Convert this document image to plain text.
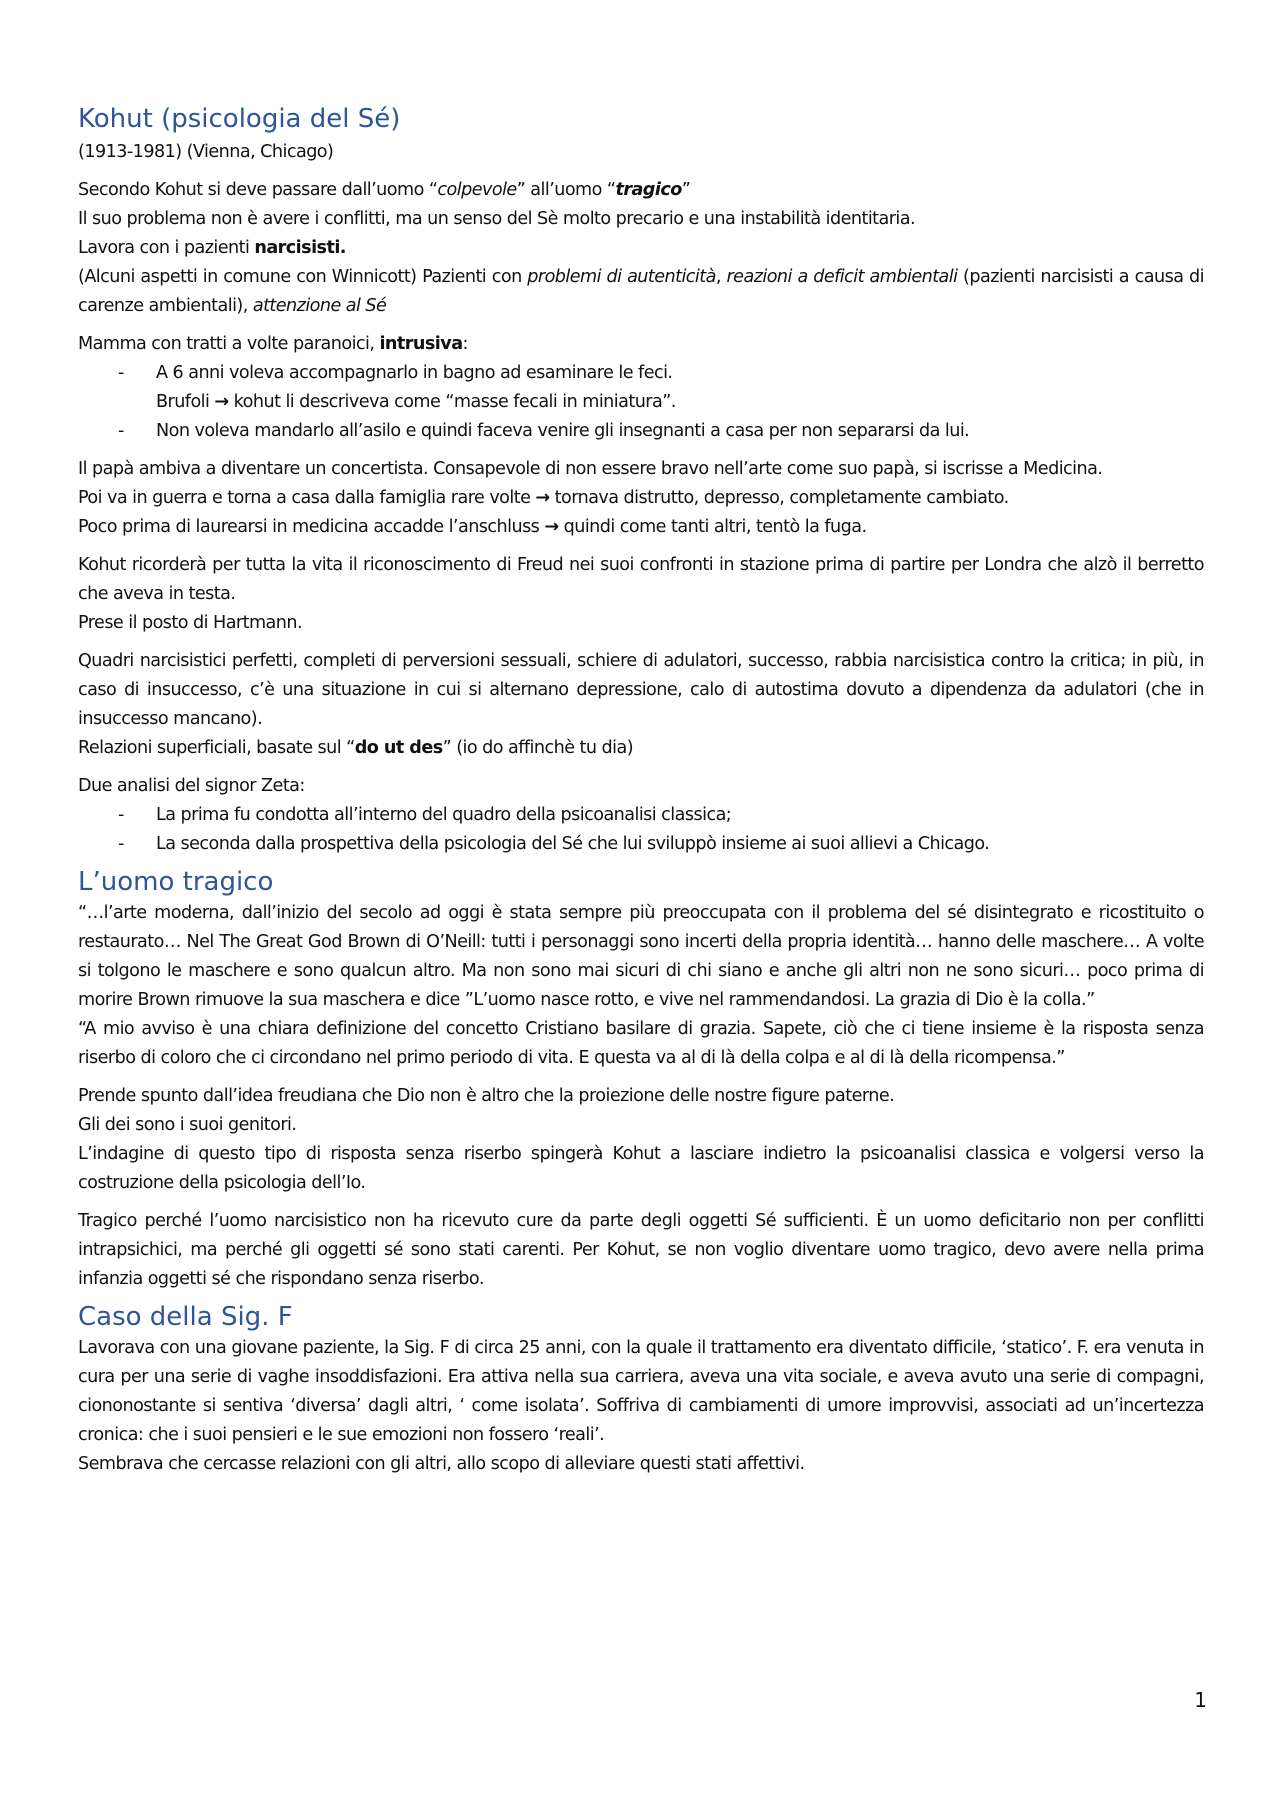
Kohut (psicologia del Sé)

(1913-1981) (Vienna, Chicago)

Secondo Kohut si deve passare dall’uomo “colpevole” all’uomo “tragico”

Il suo problema non è avere i conflitti, ma un senso del Sè molto precario e una instabilità identitaria.

Lavora con i pazienti narcisisti.

(Alcuni aspetti in comune con Winnicott) Pazienti con problemi di autenticità, reazioni a deficit ambientali (pazienti narcisisti a causa di carenze ambientali), attenzione al Sé

Mamma con tratti a volte paranoici, intrusiva:

- A 6 anni voleva accompagnarlo in bagno ad esaminare le feci.
Brufoli → kohut li descriveva come “masse fecali in miniatura”.
- Non voleva mandarlo all’asilo e quindi faceva venire gli insegnanti a casa per non separarsi da lui.

Il papà ambiva a diventare un concertista. Consapevole di non essere bravo nell’arte come suo papà, si iscrisse a Medicina.

Poi va in guerra e torna a casa dalla famiglia rare volte → tornava distrutto, depresso, completamente cambiato.

Poco prima di laurearsi in medicina accadde l’anschluss → quindi come tanti altri, tentò la fuga.

Kohut ricorderà per tutta la vita il riconoscimento di Freud nei suoi confronti in stazione prima di partire per Londra che alzò il berretto che aveva in testa.

Prese il posto di Hartmann.

Quadri narcisistici perfetti, completi di perversioni sessuali, schiere di adulatori, successo, rabbia narcisistica contro la critica; in più, in caso di insuccesso, c’è una situazione in cui si alternano depressione, calo di autostima dovuto a dipendenza da adulatori (che in insuccesso mancano).

Relazioni superficiali, basate sul “do ut des” (io do affinchè tu dia)

Due analisi del signor Zeta:

- La prima fu condotta all’interno del quadro della psicoanalisi classica;
- La seconda dalla prospettiva della psicologia del Sé che lui sviluppò insieme ai suoi allievi a Chicago.
L’uomo tragico

“…l’arte moderna, dall’inizio del secolo ad oggi è stata sempre più preoccupata con il problema del sé disintegrato e ricostituito o restaurato… Nel The Great God Brown di O’Neill: tutti i personaggi sono incerti della propria identità… hanno delle maschere… A volte si tolgono le maschere e sono qualcun altro. Ma non sono mai sicuri di chi siano e anche gli altri non ne sono sicuri… poco prima di morire Brown rimuove la sua maschera e dice ”L’uomo nasce rotto, e vive nel rammendandosi. La grazia di Dio è la colla.”

“A mio avviso è una chiara definizione del concetto Cristiano basilare di grazia. Sapete, ciò che ci tiene insieme è la risposta senza riserbo di coloro che ci circondano nel primo periodo di vita. E questa va al di là della colpa e al di là della ricompensa.”

Prende spunto dall’idea freudiana che Dio non è altro che la proiezione delle nostre figure paterne.

Gli dei sono i suoi genitori.

L’indagine di questo tipo di risposta senza riserbo spingerà Kohut a lasciare indietro la psicoanalisi classica e volgersi verso la costruzione della psicologia dell’Io.

Tragico perché l’uomo narcisistico non ha ricevuto cure da parte degli oggetti Sé sufficienti. È un uomo deficitario non per conflitti intrapsichici, ma perché gli oggetti sé sono stati carenti. Per Kohut, se non voglio diventare uomo tragico, devo avere nella prima infanzia oggetti sé che rispondano senza riserbo.

Caso della Sig. F

Lavorava con una giovane paziente, la Sig. F di circa 25 anni, con la quale il trattamento era diventato difficile, ‘statico’. F. era venuta in cura per una serie di vaghe insoddisfazioni. Era attiva nella sua carriera, aveva una vita sociale, e aveva avuto una serie di compagni, ciononostante si sentiva ‘diversa’ dagli altri, ‘ come isolata’. Soffriva di cambiamenti di umore improvvisi, associati ad un’incertezza cronica: che i suoi pensieri e le sue emozioni non fossero ‘reali’.

Sembrava che cercasse relazioni con gli altri, allo scopo di alleviare questi stati affettivi.

1
